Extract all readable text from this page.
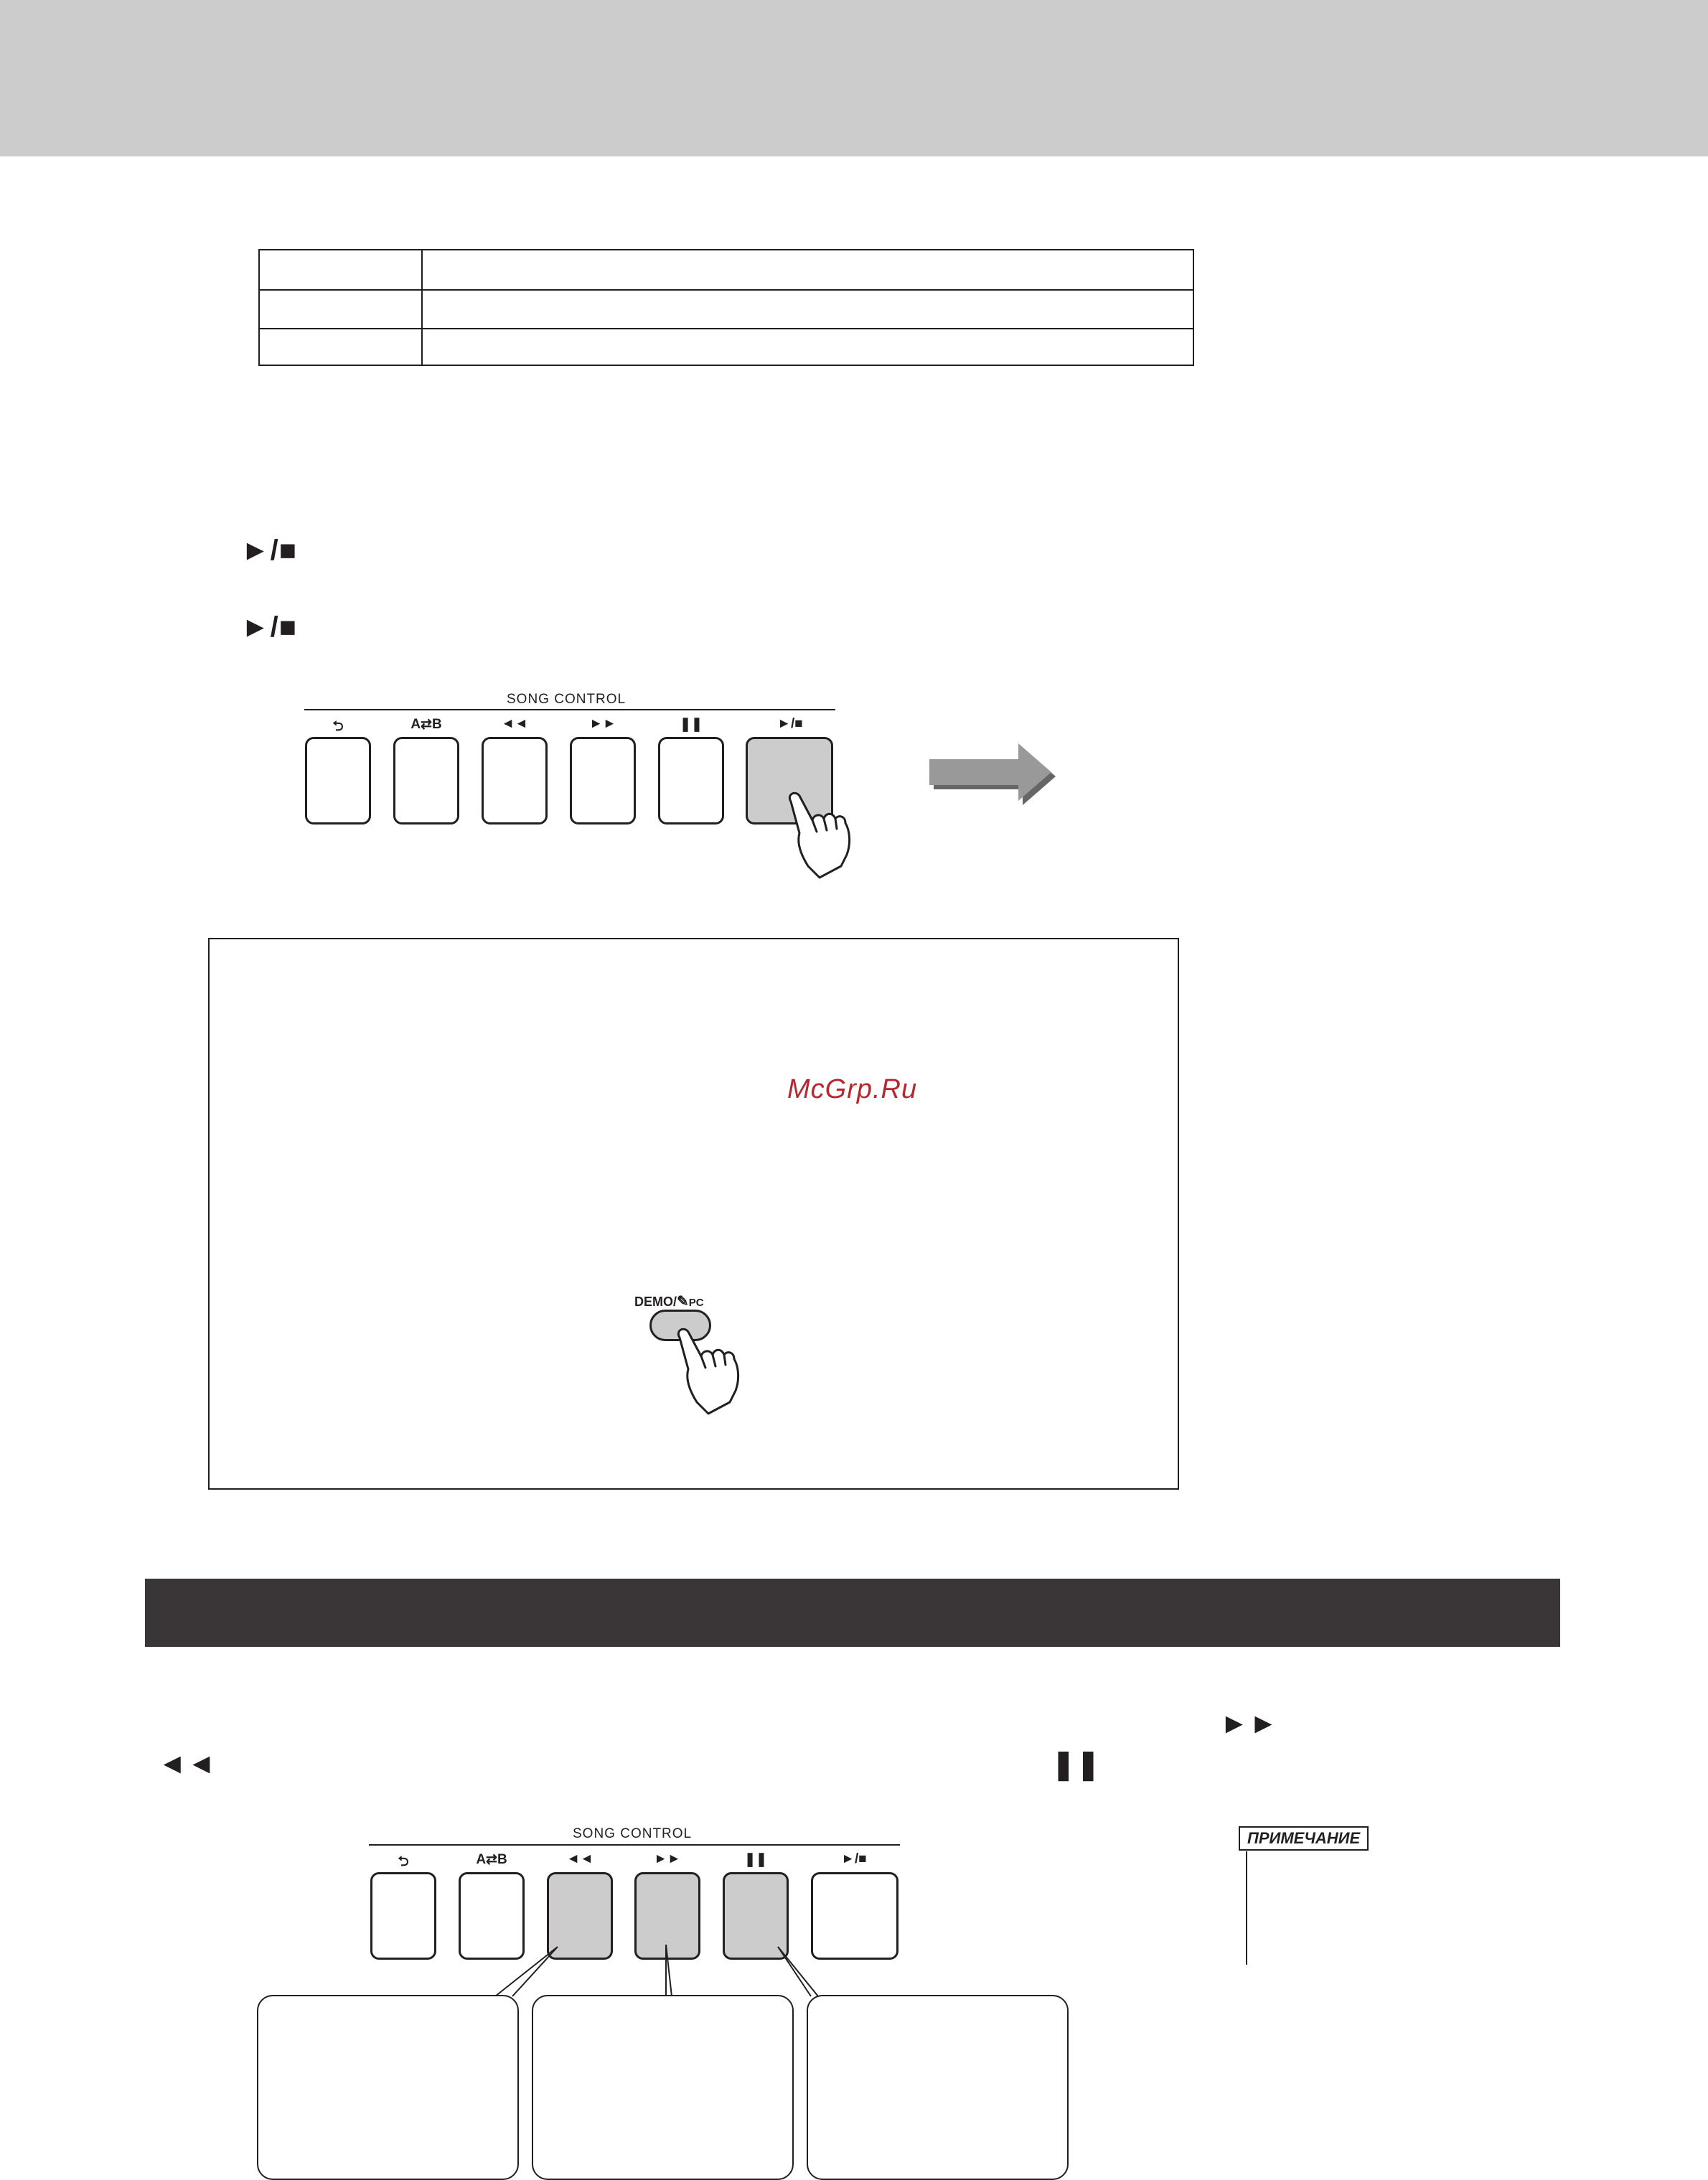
►/■
►/■
SONG CONTROL
⮌	A⇄B	◄◄	►►	❚❚	►/■
McGrp.Ru
DEMO/✎PC
►►
◄◄	❚❚
SONG CONTROL
⮌	A⇄B	◄◄	►►	❚❚	►/■
ПРИМЕЧАНИЕ
